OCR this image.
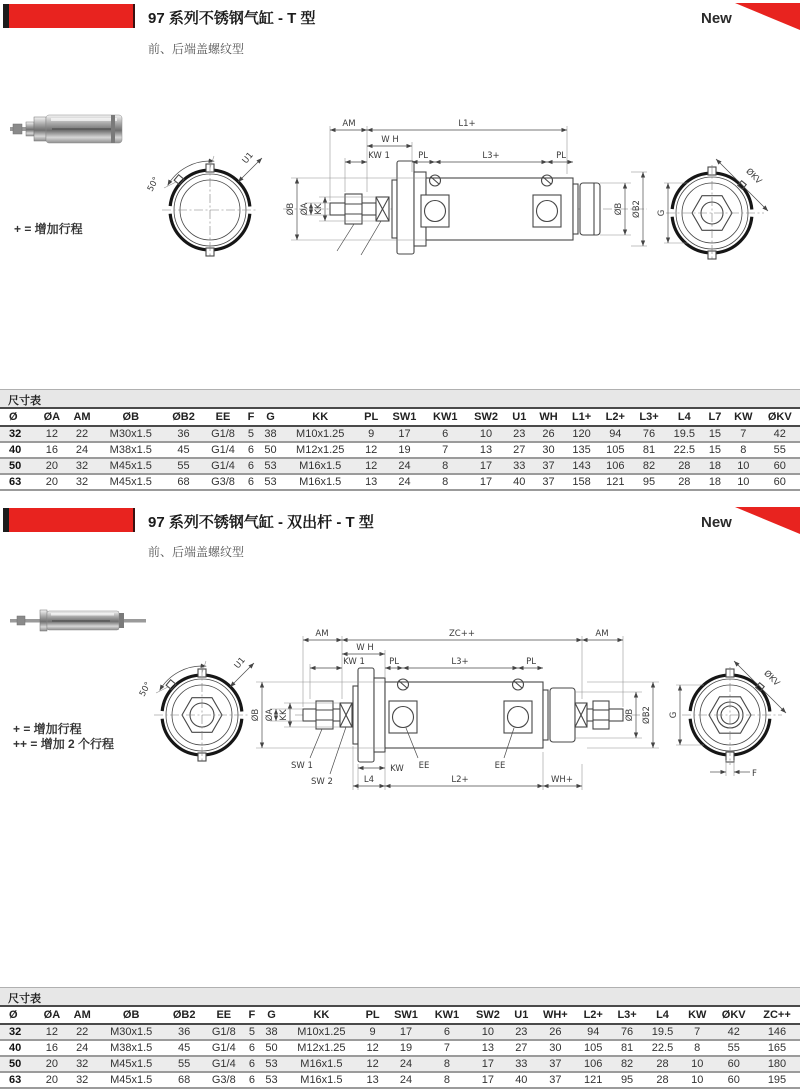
97 系列不锈钢气缸 - T 型
前、后端盖螺纹型
New
+ = 增加行程
50°
U1
AM	L1+
W H
KW 1	PL	L3+	PL
ØB ØA KK	ØB ØB2 G
ØKV
尺寸表
Ø	ØA	AM	ØB	ØB2	EE	F	G	KK	PL	SW1	KW1	SW2	U1	WH	L1+	L2+	L3+	L4	L7	KW	ØKV
32	12	22	M30x1.5	36	G1/8	5	38	M10x1.25	9	17	6	10	23	26	120	94	76	19.5	15	7	42
40	16	24	M38x1.5	45	G1/4	6	50	M12x1.25	12	19	7	13	27	30	135	105	81	22.5	15	8	55
50	20	32	M45x1.5	55	G1/4	6	53	M16x1.5	12	24	8	17	33	37	143	106	82	28	18	10	60
63	20	32	M45x1.5	68	G3/8	6	53	M16x1.5	13	24	8	17	40	37	158	121	95	28	18	10	60
97 系列不锈钢气缸 - 双出杆 - T 型
前、后端盖螺纹型
New
+ = 增加行程
++ = 增加 2 个行程
50°
U1
AM	ZC++	AM
W H
KW 1	PL	L3+	PL
ØB ØA KK	ØB ØB2
SW 1
SW 2
EE	EE
KW
L4	L2+	WH+
G
ØKV
F
尺寸表
Ø	ØA	AM	ØB	ØB2	EE	F	G	KK	PL	SW1	KW1	SW2	U1	WH+	L2+	L3+	L4	KW	ØKV	ZC++
32	12	22	M30x1.5	36	G1/8	5	38	M10x1.25	9	17	6	10	23	26	94	76	19.5	7	42	146
40	16	24	M38x1.5	45	G1/4	6	50	M12x1.25	12	19	7	13	27	30	105	81	22.5	8	55	165
50	20	32	M45x1.5	55	G1/4	6	53	M16x1.5	12	24	8	17	33	37	106	82	28	10	60	180
63	20	32	M45x1.5	68	G3/8	6	53	M16x1.5	13	24	8	17	40	37	121	95	28	10	60	195
